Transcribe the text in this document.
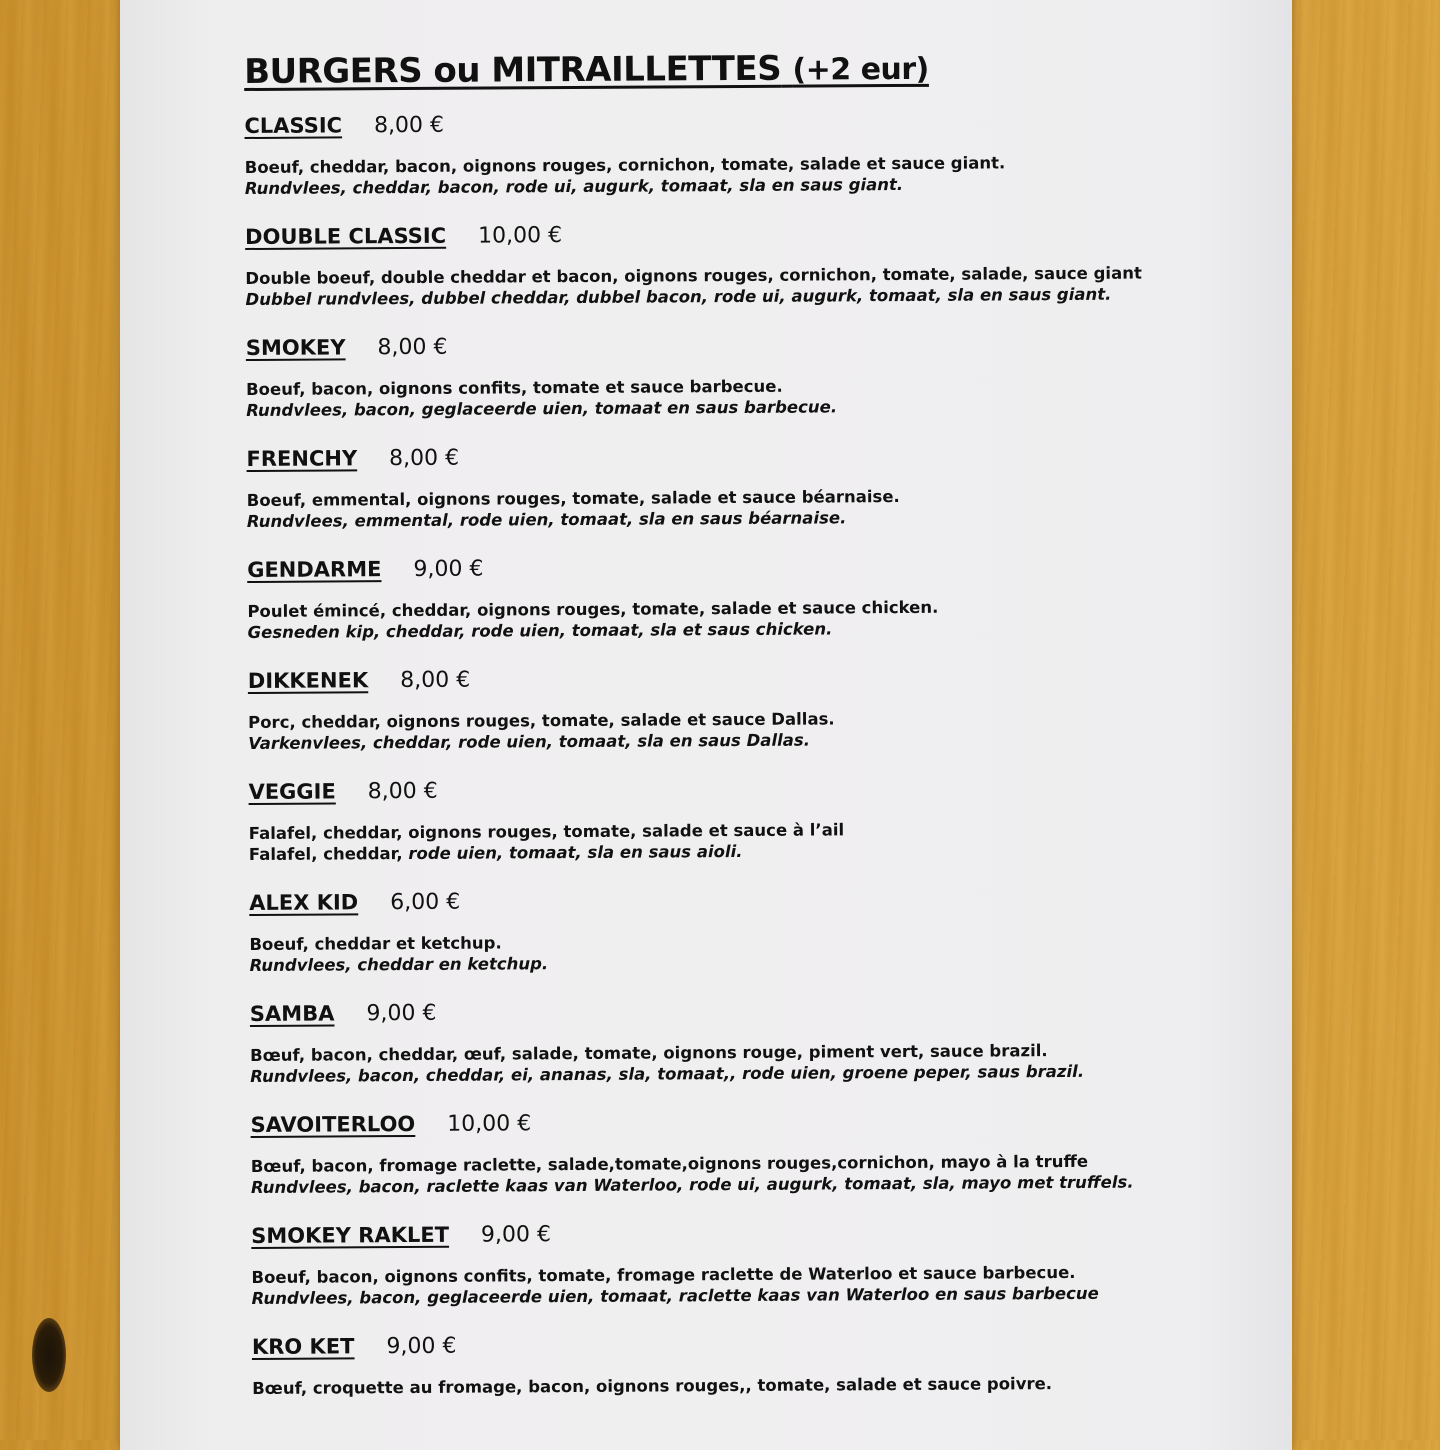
BURGERS ou MITRAILLETTES (+2 eur)
CLASSIC 8,00 €
Boeuf, cheddar, bacon, oignons rouges, cornichon, tomate, salade et sauce giant.
Rundvlees, cheddar, bacon, rode ui, augurk, tomaat, sla en saus giant.
DOUBLE CLASSIC 10,00 €
Double boeuf, double cheddar et bacon, oignons rouges, cornichon, tomate, salade, sauce giant
Dubbel rundvlees, dubbel cheddar, dubbel bacon, rode ui, augurk, tomaat, sla en saus giant.
SMOKEY 8,00 €
Boeuf, bacon, oignons confits, tomate et sauce barbecue.
Rundvlees, bacon, geglaceerde uien, tomaat en saus barbecue.
FRENCHY 8,00 €
Boeuf, emmental, oignons rouges, tomate, salade et sauce béarnaise.
Rundvlees, emmental, rode uien, tomaat, sla en saus béarnaise.
GENDARME 9,00 €
Poulet émincé, cheddar, oignons rouges, tomate, salade et sauce chicken.
Gesneden kip, cheddar, rode uien, tomaat, sla et saus chicken.
DIKKENEK 8,00 €
Porc, cheddar, oignons rouges, tomate, salade et sauce Dallas.
Varkenvlees, cheddar, rode uien, tomaat, sla en saus Dallas.
VEGGIE 8,00 €
Falafel, cheddar, oignons rouges, tomate, salade et sauce à l’ail
Falafel, cheddar, rode uien, tomaat, sla en saus aioli.
ALEX KID 6,00 €
Boeuf, cheddar et ketchup.
Rundvlees, cheddar en ketchup.
SAMBA 9,00 €
Bœuf, bacon, cheddar, œuf, salade, tomate, oignons rouge, piment vert, sauce brazil.
Rundvlees, bacon, cheddar, ei, ananas, sla, tomaat,, rode uien, groene peper, saus brazil.
SAVOITERLOO 10,00 €
Bœuf, bacon, fromage raclette, salade,tomate,oignons rouges,cornichon, mayo à la truffe
Rundvlees, bacon, raclette kaas van Waterloo, rode ui, augurk, tomaat, sla, mayo met truffels.
SMOKEY RAKLET 9,00 €
Boeuf, bacon, oignons confits, tomate, fromage raclette de Waterloo et sauce barbecue.
Rundvlees, bacon, geglaceerde uien, tomaat, raclette kaas van Waterloo en saus barbecue
KRO KET 9,00 €
Bœuf, croquette au fromage, bacon, oignons rouges,, tomate, salade et sauce poivre.
